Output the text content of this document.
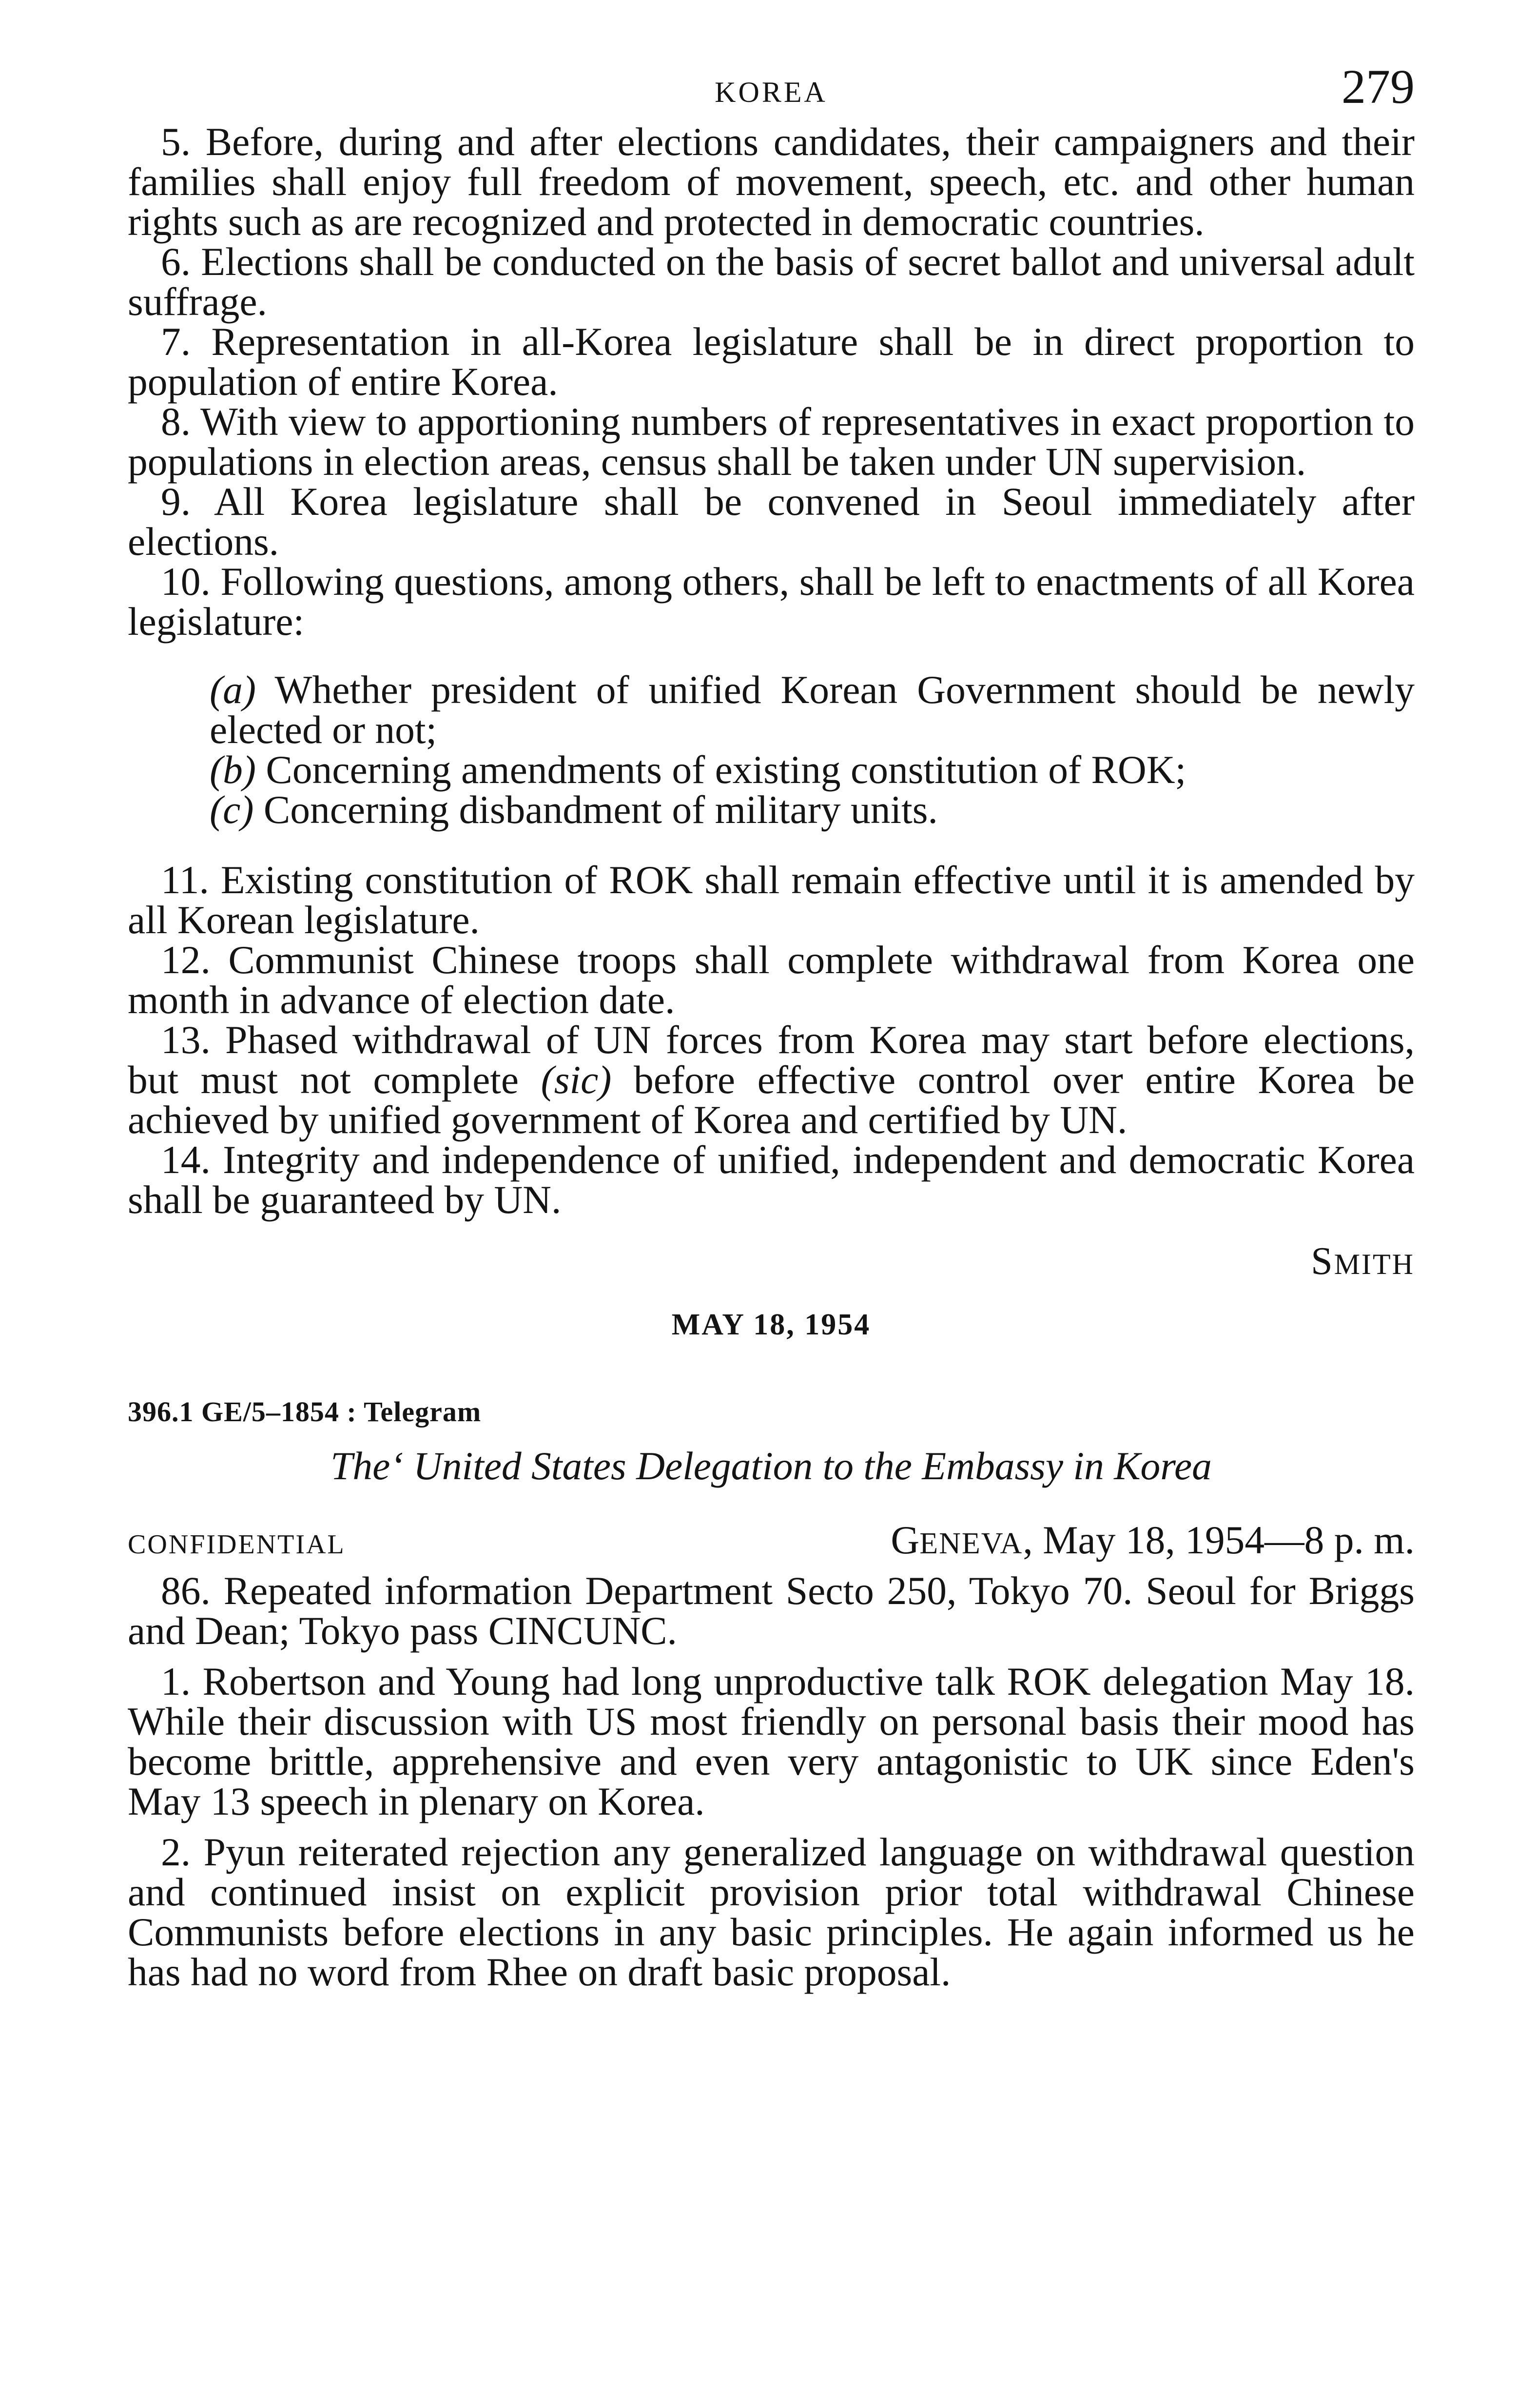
KOREA	279

5. Before, during and after elections candidates, their campaigners and their families shall enjoy full freedom of movement, speech, etc. and other human rights such as are recognized and protected in democratic countries.

6. Elections shall be conducted on the basis of secret ballot and universal adult suffrage.

7. Representation in all-Korea legislature shall be in direct proportion to population of entire Korea.

8. With view to apportioning numbers of representatives in exact proportion to populations in election areas, census shall be taken under UN supervision.

9. All Korea legislature shall be convened in Seoul immediately after elections.

10. Following questions, among others, shall be left to enactments of all Korea legislature:

(a) Whether president of unified Korean Government should be newly elected or not;

(b) Concerning amendments of existing constitution of ROK;

(c) Concerning disbandment of military units.

11. Existing constitution of ROK shall remain effective until it is amended by all Korean legislature.

12. Communist Chinese troops shall complete withdrawal from Korea one month in advance of election date.

13. Phased withdrawal of UN forces from Korea may start before elections, but must not complete (sic) before effective control over entire Korea be achieved by unified government of Korea and certified by UN.

14. Integrity and independence of unified, independent and democratic Korea shall be guaranteed by UN.

SMITH
MAY 18, 1954
396.1 GE/5–1854 : Telegram

Theʻ United States Delegation to the Embassy in Korea

CONFIDENTIAL	GENEVA, May 18, 1954—8 p. m.

86. Repeated information Department Secto 250, Tokyo 70. Seoul for Briggs and Dean; Tokyo pass CINCUNC.

1. Robertson and Young had long unproductive talk ROK delegation May 18. While their discussion with US most friendly on personal basis their mood has become brittle, apprehensive and even very antagonistic to UK since Eden's May 13 speech in plenary on Korea.

2. Pyun reiterated rejection any generalized language on withdrawal question and continued insist on explicit provision prior total withdrawal Chinese Communists before elections in any basic principles. He again informed us he has had no word from Rhee on draft basic proposal.
